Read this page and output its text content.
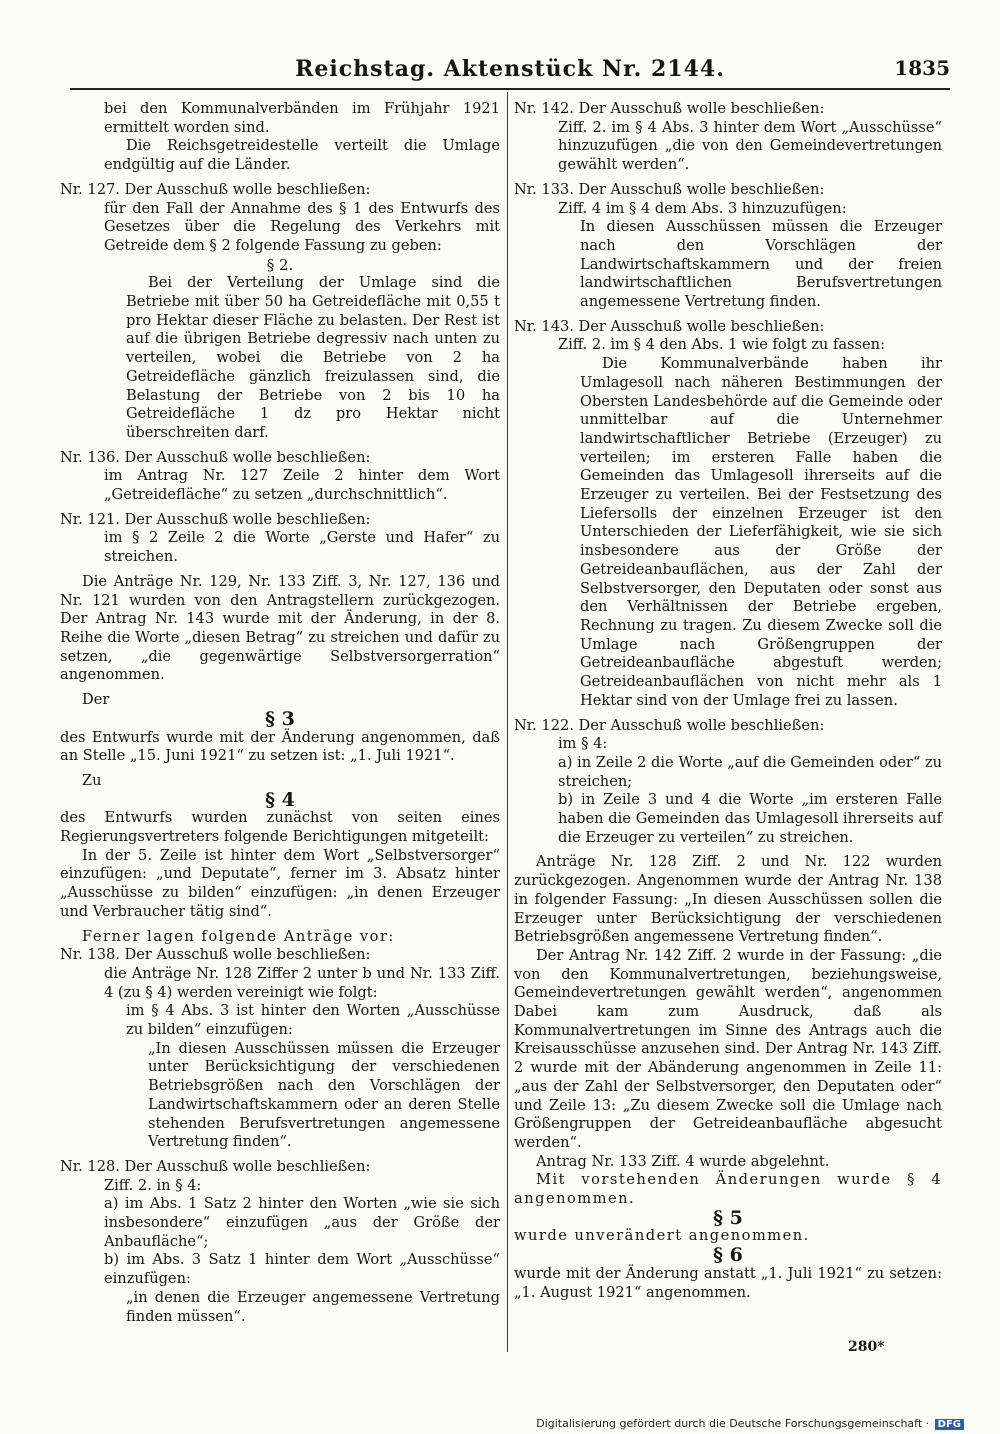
Reichstag. Aktenstück Nr. 2144.	1835

bei den Kommunalverbänden im Frühjahr 1921 ermittelt worden sind.

Die Reichsgetreidestelle verteilt die Umlage endgültig auf die Länder.

Nr. 127. Der Ausschuß wolle beschließen:

für den Fall der Annahme des § 1 des Entwurfs des Gesetzes über die Regelung des Verkehrs mit Getreide dem § 2 folgende Fassung zu geben:

§ 2.

Bei der Verteilung der Umlage sind die Betriebe mit über 50 ha Getreidefläche mit 0,55 t pro Hektar dieser Fläche zu belasten. Der Rest ist auf die übrigen Betriebe degressiv nach unten zu verteilen, wobei die Betriebe von 2 ha Getreidefläche gänzlich freizulassen sind, die Belastung der Betriebe von 2 bis 10 ha Getreidefläche 1 dz pro Hektar nicht überschreiten darf.

Nr. 136. Der Ausschuß wolle beschließen:

im Antrag Nr. 127 Zeile 2 hinter dem Wort „Getreidefläche“ zu setzen „durchschnittlich“.

Nr. 121. Der Ausschuß wolle beschließen:

im § 2 Zeile 2 die Worte „Gerste und Hafer“ zu streichen.

Die Anträge Nr. 129, Nr. 133 Ziff. 3, Nr. 127, 136 und Nr. 121 wurden von den Antragstellern zurückgezogen. Der Antrag Nr. 143 wurde mit der Änderung, in der 8. Reihe die Worte „diesen Betrag“ zu streichen und dafür zu setzen, „die gegenwärtige Selbstversorgerration“ angenommen.

Der

§ 3

des Entwurfs wurde mit der Änderung angenommen, daß an Stelle „15. Juni 1921“ zu setzen ist: „1. Juli 1921“.

Zu

§ 4

des Entwurfs wurden zunächst von seiten eines Regierungsvertreters folgende Berichtigungen mitgeteilt:

In der 5. Zeile ist hinter dem Wort „Selbstversorger“ einzufügen: „und Deputate“, ferner im 3. Absatz hinter „Ausschüsse zu bilden“ einzufügen: „in denen Erzeuger und Verbraucher tätig sind“.

Ferner lagen folgende Anträge vor:

Nr. 138. Der Ausschuß wolle beschließen:

die Anträge Nr. 128 Ziffer 2 unter b und Nr. 133 Ziff. 4 (zu § 4) werden vereinigt wie folgt:

im § 4 Abs. 3 ist hinter den Worten „Ausschüsse zu bilden“ einzufügen:

„In diesen Ausschüssen müssen die Erzeuger unter Berücksichtigung der verschiedenen Betriebsgrößen nach den Vorschlägen der Landwirtschaftskammern oder an deren Stelle stehenden Berufsvertretungen angemessene Vertretung finden“.

Nr. 128. Der Ausschuß wolle beschließen:

Ziff. 2. in § 4:

a) im Abs. 1 Satz 2 hinter den Worten „wie sie sich insbesondere“ einzufügen „aus der Größe der Anbaufläche“;

b) im Abs. 3 Satz 1 hinter dem Wort „Ausschüsse“ einzufügen:

„in denen die Erzeuger angemessene Vertretung finden müssen“.

Nr. 142. Der Ausschuß wolle beschließen:

Ziff. 2. im § 4 Abs. 3 hinter dem Wort „Ausschüsse“ hinzuzufügen „die von den Gemeindevertretungen gewählt werden“.

Nr. 133. Der Ausschuß wolle beschließen:

Ziff. 4 im § 4 dem Abs. 3 hinzuzufügen:

In diesen Ausschüssen müssen die Erzeuger nach den Vorschlägen der Landwirtschaftskammern und der freien landwirtschaftlichen Berufsvertretungen angemessene Vertretung finden.

Nr. 143. Der Ausschuß wolle beschließen:

Ziff. 2. im § 4 den Abs. 1 wie folgt zu fassen:

Die Kommunalverbände haben ihr Umlagesoll nach näheren Bestimmungen der Obersten Landesbehörde auf die Gemeinde oder unmittelbar auf die Unternehmer landwirtschaftlicher Betriebe (Erzeuger) zu verteilen; im ersteren Falle haben die Gemeinden das Umlagesoll ihrerseits auf die Erzeuger zu verteilen. Bei der Festsetzung des Liefersolls der einzelnen Erzeuger ist den Unterschieden der Lieferfähigkeit, wie sie sich insbesondere aus der Größe der Getreideanbauflächen, aus der Zahl der Selbstversorger, den Deputaten oder sonst aus den Verhältnissen der Betriebe ergeben, Rechnung zu tragen. Zu diesem Zwecke soll die Umlage nach Größengruppen der Getreideanbaufläche abgestuft werden; Getreideanbauflächen von nicht mehr als 1 Hektar sind von der Umlage frei zu lassen.

Nr. 122. Der Ausschuß wolle beschließen:

im § 4:

a) in Zeile 2 die Worte „auf die Gemeinden oder“ zu streichen;

b) in Zeile 3 und 4 die Worte „im ersteren Falle haben die Gemeinden das Umlagesoll ihrerseits auf die Erzeuger zu verteilen“ zu streichen.

Anträge Nr. 128 Ziff. 2 und Nr. 122 wurden zurückgezogen. Angenommen wurde der Antrag Nr. 138 in folgender Fassung: „In diesen Ausschüssen sollen die Erzeuger unter Berücksichtigung der verschiedenen Betriebsgrößen angemessene Vertretung finden“.

Der Antrag Nr. 142 Ziff. 2 wurde in der Fassung: „die von den Kommunalvertretungen, beziehungsweise, Gemeindevertretungen gewählt werden“, angenommen Dabei kam zum Ausdruck, daß als Kommunalvertretungen im Sinne des Antrags auch die Kreisausschüsse anzusehen sind. Der Antrag Nr. 143 Ziff. 2 wurde mit der Abänderung angenommen in Zeile 11: „aus der Zahl der Selbstversorger, den Deputaten oder“ und Zeile 13: „Zu diesem Zwecke soll die Umlage nach Größengruppen der Getreideanbaufläche abgesucht werden“.

Antrag Nr. 133 Ziff. 4 wurde abgelehnt.

Mit vorstehenden Änderungen wurde § 4 angenommen.

§ 5

wurde unverändert angenommen.

§ 6

wurde mit der Änderung anstatt „1. Juli 1921“ zu setzen: „1. August 1921“ angenommen.

280*
Digitalisierung gefördert durch die Deutsche Forschungsgemeinschaft · DFG
